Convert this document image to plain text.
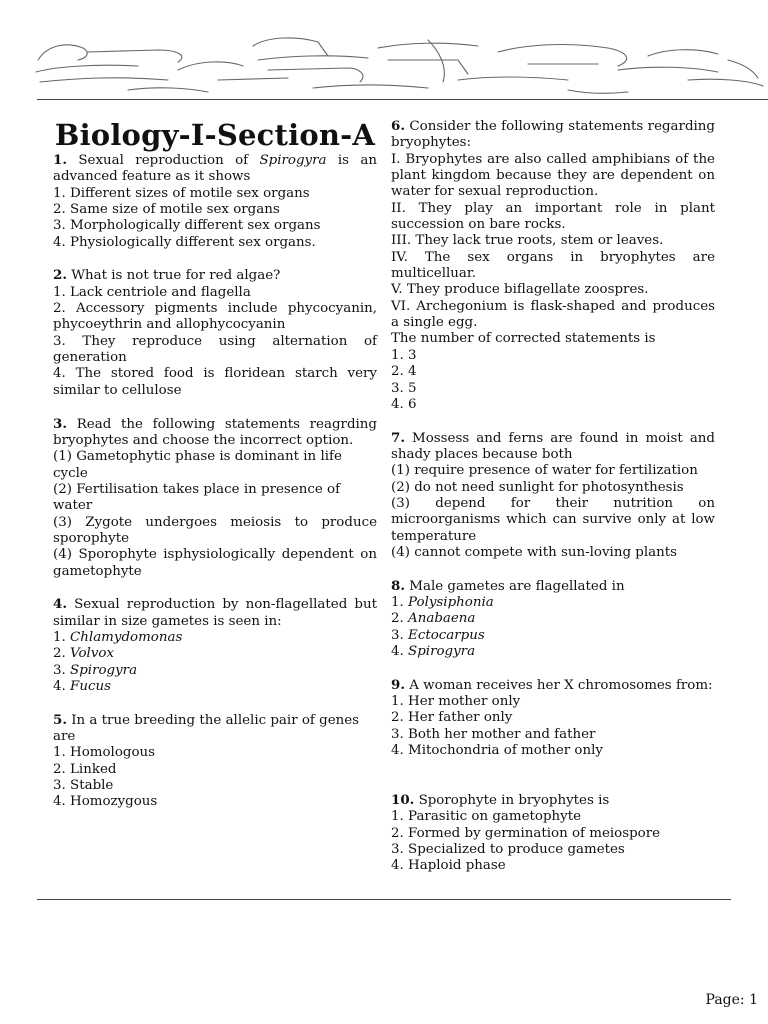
Biology-I-Section-A
1. Sexual reproduction of Spirogyra is an advanced feature as it shows
1. Different sizes of motile sex organs
2. Same size of motile sex organs
3. Morphologically different sex organs
4. Physiologically different sex organs.
2. What is not true for red algae?
1. Lack centriole and flagella
2. Accessory pigments include phycocyanin, phycoeythrin and allophycocyanin
3. They reproduce using alternation of generation
4. The stored food is floridean starch very similar to cellulose
3. Read the following statements reagrding bryophytes and choose the incorrect option.
(1) Gametophytic phase is dominant in life cycle
(2) Fertilisation takes place in presence of water
(3) Zygote undergoes meiosis to produce sporophyte
(4) Sporophyte isphysiologically dependent on gametophyte
4. Sexual reproduction by non-flagellated but similar in size gametes is seen in:
1. Chlamydomonas
2. Volvox
3. Spirogyra
4. Fucus
5. In a true breeding the allelic pair of genes are
1. Homologous
2. Linked
3. Stable
4. Homozygous
6. Consider the following statements regarding bryophytes:
I. Bryophytes are also called amphibians of the plant kingdom because they are dependent on water for sexual reproduction.
II. They play an important role in plant succession on bare rocks.
III. They lack true roots, stem or leaves.
IV. The sex organs in bryophytes are multicelluar.
V. They produce biflagellate zoospres.
VI. Archegonium is flask-shaped and produces a single egg.
The number of corrected statements is
1. 3
2. 4
3. 5
4. 6
7. Mossess and ferns are found in moist and shady places because both
(1) require presence of water for fertilization
(2) do not need sunlight for photosynthesis
(3) depend for their nutrition on microorganisms which can survive only at low temperature
(4) cannot compete with sun-loving plants
8. Male gametes are flagellated in
1. Polysiphonia
2. Anabaena
3. Ectocarpus
4. Spirogyra
9. A woman receives her X chromosomes from:
1. Her mother only
2. Her father only
3. Both her mother and father
4. Mitochondria of mother only
10. Sporophyte in bryophytes is
1. Parasitic on gametophyte
2. Formed by germination of meiospore
3. Specialized to produce gametes
4. Haploid phase
Page: 1
